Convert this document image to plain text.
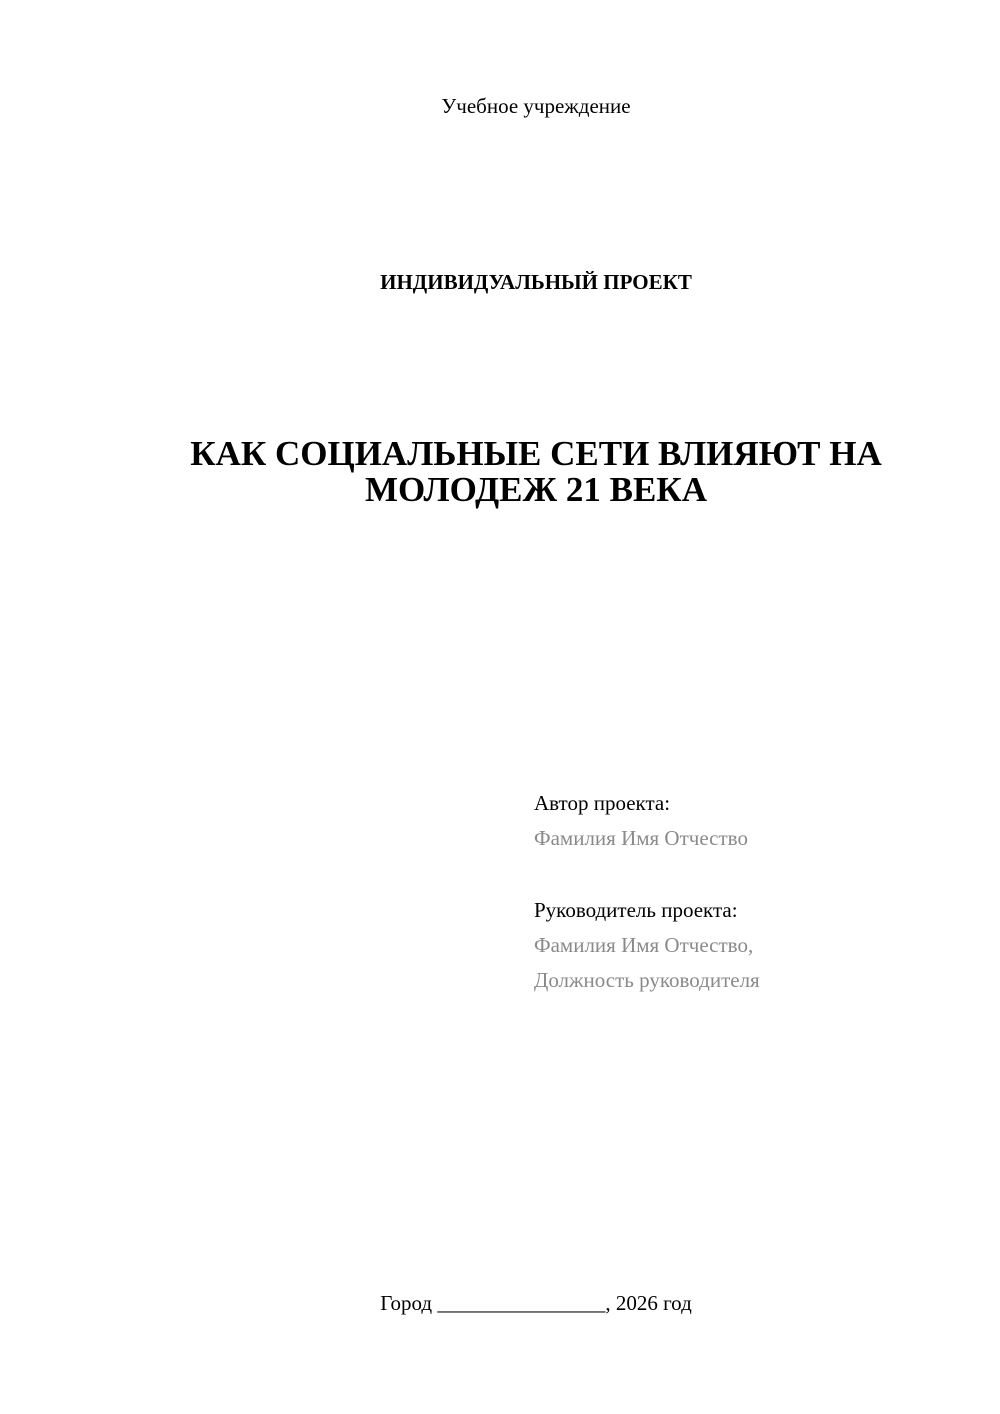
Учебное учреждение
ИНДИВИДУАЛЬНЫЙ ПРОЕКТ
КАК СОЦИАЛЬНЫЕ СЕТИ ВЛИЯЮТ НА
МОЛОДЕЖ 21 ВЕКА
Автор проекта:
Фамилия Имя Отчество
Руководитель проекта:
Фамилия Имя Отчество,
Должность руководителя
Город ________________, 2026 год
